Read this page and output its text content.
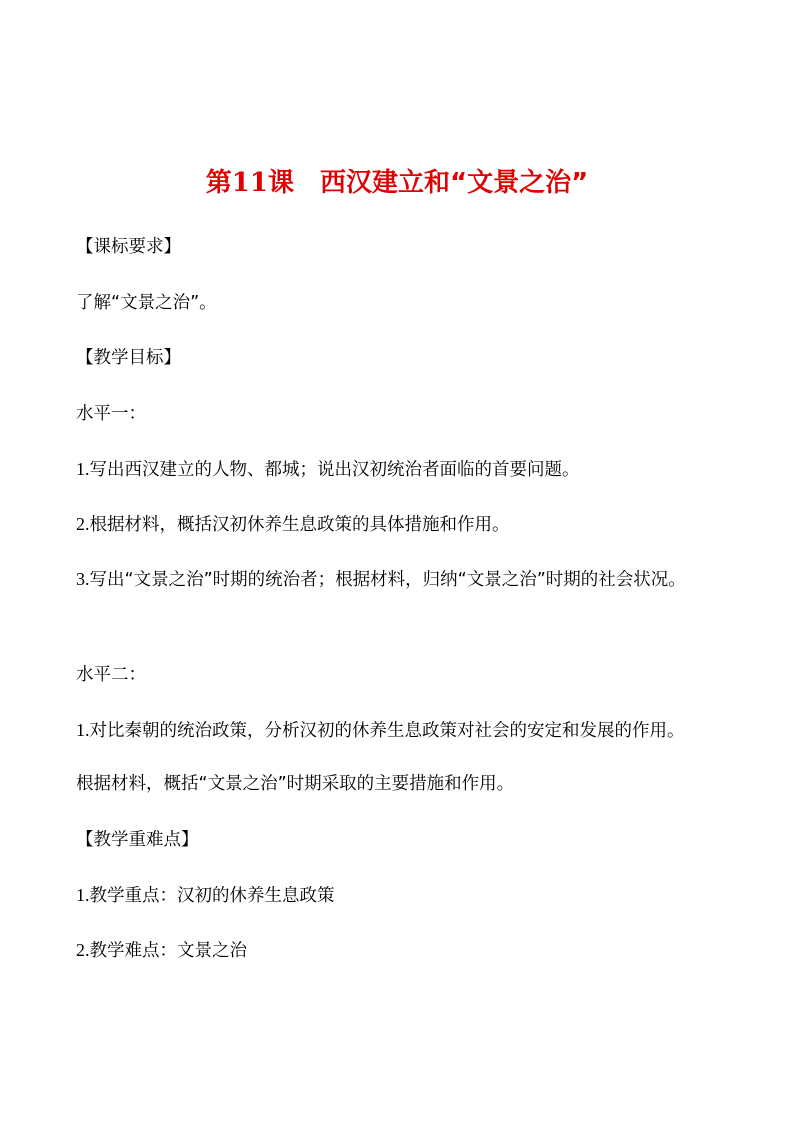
第11课　 西汉建立和“文景之治”
【课标要求】
了解“文景之治”。
【教学目标】
水平一：
1.写出西汉建立的人物、都城；说出汉初统治者面临的首要问题。
2.根据材料，概括汉初休养生息政策的具体措施和作用。
3.写出“文景之治”时期的统治者；根据材料，归纳“文景之治”时期的社会状况。
水平二：
1.对比秦朝的统治政策，分析汉初的休养生息政策对社会的安定和发展的作用。
根据材料，概括“文景之治”时期采取的主要措施和作用。
【教学重难点】
1.教学重点：汉初的休养生息政策
2.教学难点：文景之治
